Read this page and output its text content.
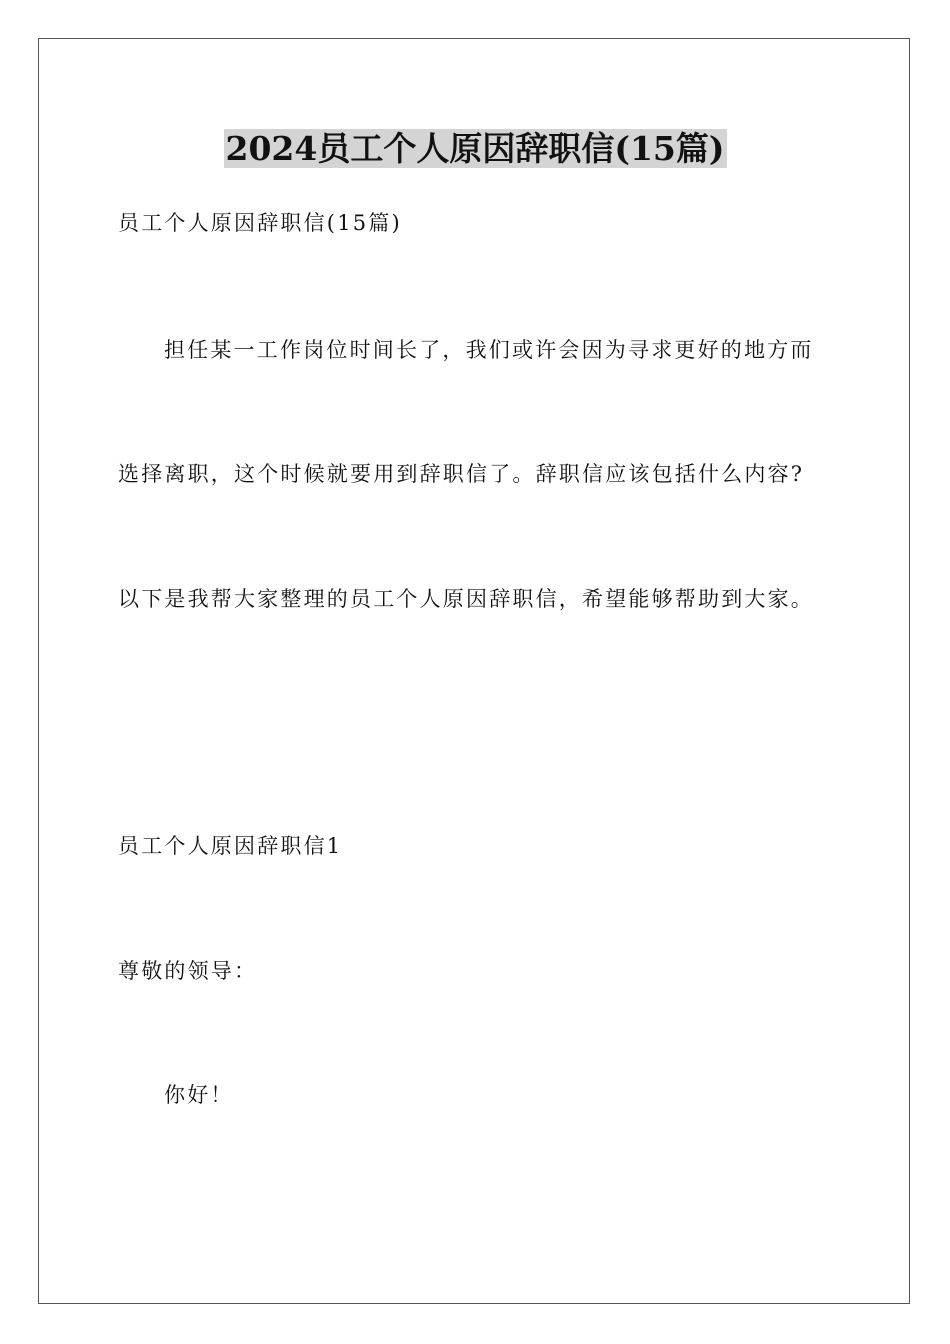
2024员工个人原因辞职信(15篇)
员工个人原因辞职信(15篇)
担任某一工作岗位时间长了，我们或许会因为寻求更好的地方而
选择离职，这个时候就要用到辞职信了。辞职信应该包括什么内容?
以下是我帮大家整理的员工个人原因辞职信，希望能够帮助到大家。
员工个人原因辞职信1
尊敬的领导：
你好！
